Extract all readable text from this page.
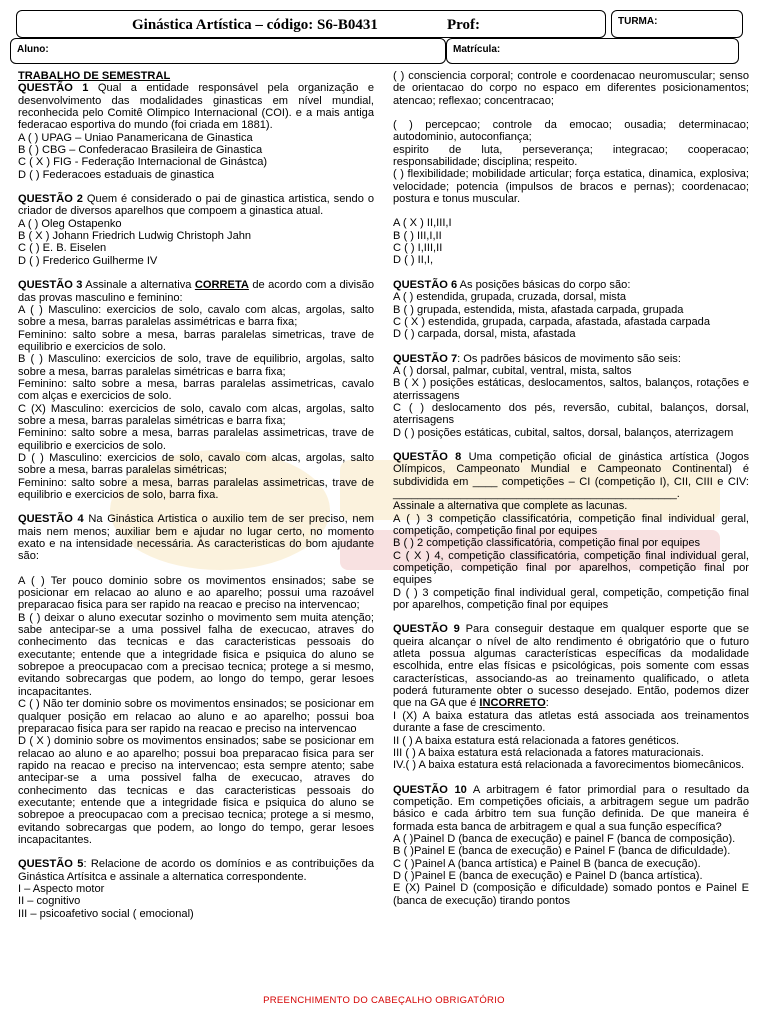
Ginástica Artística – código: S6-B0431	Prof:	TURMA:
Aluno:	Matrícula:

TRABALHO DE SEMESTRAL

QUESTÃO 1 Qual a entidade responsável pela organização e desenvolvimento das modalidades ginasticas em nível mundial, reconhecida pelo Comitê Olimpico Internacional (COI). e a mais antiga federacao esportiva do mundo (foi criada em 1881).

A ( ) UPAG – Uniao Panamericana de Ginastica

B ( ) CBG – Confederacao Brasileira de Ginastica

C ( X ) FIG - Federação Internacional de Ginástca)

D ( ) Federacoes estaduais de ginastica

QUESTÃO 2 Quem é considerado o pai de ginastica artistica, sendo o criador de diversos aparelhos que compoem a ginastica atual.

A ( ) Oleg Ostapenko

B ( X ) Johann Friedrich Ludwig Christoph Jahn

C ( ) E. B. Eiselen

D ( ) Frederico Guilherme IV

QUESTÃO 3 Assinale a alternativa CORRETA de acordo com a divisão das provas masculino e feminino:

A ( ) Masculino: exercicios de solo, cavalo com alcas, argolas, salto sobre a mesa, barras paralelas assimétricas e barra fixa;

Feminino: salto sobre a mesa, barras paralelas simetricas, trave de equilibrio e exercicios de solo.

B ( ) Masculino: exercicios de solo, trave de equilibrio, argolas, salto sobre a mesa, barras paralelas simétricas e barra fixa;

Feminino: salto sobre a mesa, barras paralelas assimetricas, cavalo com alças e exercicios de solo.

C (X) Masculino: exercicios de solo, cavalo com alcas, argolas, salto sobre a mesa, barras paralelas simétricas e barra fixa;

Feminino: salto sobre a mesa, barras paralelas assimetricas, trave de equilibrio e exercicios de solo.

D ( ) Masculino: exercicios de solo, cavalo com alcas, argolas, salto sobre a mesa, barras paralelas simétricas;

Feminino: salto sobre a mesa, barras paralelas assimetricas, trave de equilibrio e exercicios de solo, barra fixa.

QUESTÃO 4 Na Ginástica Artistica o auxilio tem de ser preciso, nem mais nem menos; auxiliar bem e ajudar no lugar certo, no momento exato e na intensidade necessária. As caracteristicas do bom ajudante são:

A ( ) Ter pouco dominio sobre os movimentos ensinados; sabe se posicionar em relacao ao aluno e ao aparelho; possui uma razoável preparacao fisica para ser rapido na reacao e preciso na intervencao;

B ( ) deixar o aluno executar sozinho o movimento sem muita atenção; sabe antecipar-se a uma possivel falha de execucao, atraves do conhecimento das tecnicas e das caracteristicas pessoais do executante; entende que a integridade fisica e psiquica do aluno se sobrepoe a preocupacao com a precisao tecnica; protege a si mesmo, evitando sobrecargas que podem, ao longo do tempo, gerar lesoes incapacitantes.

C ( ) Não ter dominio sobre os movimentos ensinados; se posicionar em qualquer posição em relacao ao aluno e ao aparelho; possui boa preparacao fisica para ser rapido na reacao e preciso na intervencao

D ( X ) dominio sobre os movimentos ensinados; sabe se posicionar em relacao ao aluno e ao aparelho; possui boa preparacao fisica para ser rapido na reacao e preciso na intervencao; esta sempre atento; sabe antecipar-se a uma possivel falha de execucao, atraves do conhecimento das tecnicas e das caracteristicas pessoais do executante; entende que a integridade fisica e psiquica do aluno se sobrepoe a preocupacao com a precisao tecnica; protege a si mesmo, evitando sobrecargas que podem, ao longo do tempo, gerar lesoes incapacitantes.

QUESTÃO 5: Relacione de acordo os domínios e as contribuições da Ginástica Artísitca e assinale a alternatica correspondente.

I – Aspecto motor

II – cognitivo

III – psicoafetivo social ( emocional)

( ) consciencia corporal; controle e coordenacao neuromuscular; senso de orientacao do corpo no espaco em diferentes posicionamentos; atencao; reflexao; concentracao;

( ) percepcao; controle da emocao; ousadia; determinacao; autodominio, autoconfiança;

espirito de luta, perseverança; integracao; cooperacao; responsabilidade; disciplina; respeito.

( ) flexibilidade; mobilidade articular; força estatica, dinamica, explosiva; velocidade; potencia (impulsos de bracos e pernas); coordenacao; postura e tonus muscular.

A ( X ) II,III,I

B ( ) III,I,II

C ( ) I,III,II

D ( ) II,I,

QUESTÃO 6 As posições básicas do corpo são:

A ( ) estendida, grupada, cruzada, dorsal, mista

B ( ) grupada, estendida, mista, afastada carpada, grupada

C ( X ) estendida, grupada, carpada, afastada, afastada carpada

D ( ) carpada, dorsal, mista, afastada

QUESTÃO 7: Os padrões básicos de movimento são seis:

A ( ) dorsal, palmar, cubital, ventral, mista, saltos

B ( X ) posições estáticas, deslocamentos, saltos, balanços, rotações e aterrissagens

C ( ) deslocamento dos pés, reversão, cubital, balanços, dorsal, aterrisagens

D ( ) posições estáticas, cubital, saltos, dorsal, balanços, aterrizagem

QUESTÃO 8 Uma competição oficial de ginástica artística (Jogos Olímpicos, Campeonato Mundial e Campeonato Continental) é subdividida em ____ competições – CI (competição I), CII, CIII e CIV: ______________________________________________.

Assinale a alternativa que complete as lacunas.

A ( ) 3 competição classificatória, competição final individual geral, competição, competição final por equipes

B ( ) 2 competição classificatória, competição final por equipes

C ( X ) 4, competição classificatória, competição final individual geral, competição, competição final por aparelhos, competição final por equipes

D ( ) 3 competição final individual geral, competição, competição final por aparelhos, competição final por equipes

QUESTÃO 9 Para conseguir destaque em qualquer esporte que se queira alcançar o nível de alto rendimento é obrigatório que o futuro atleta possua algumas características específicas da modalidade escolhida, entre elas físicas e psicológicas, pois somente com essas características, associando-as ao treinamento qualificado, o atleta poderá futuramente obter o sucesso desejado. Então, podemos dizer que na GA que é INCORRETO:

I (X) A baixa estatura das atletas está associada aos treinamentos durante a fase de crescimento.

II ( ) A baixa estatura está relacionada a fatores genéticos.

III ( ) A baixa estatura está relacionada a fatores maturacionais.

IV.( ) A baixa estatura está relacionada a favorecimentos biomecânicos.

QUESTÃO 10 A arbitragem é fator primordial para o resultado da competição. Em competições oficiais, a arbitragem segue um padrão básico e cada árbitro tem sua função definida. De que maneira é formada esta banca de arbitragem e qual a sua função específica?

A ( )Painel D (banca de execução) e painel F (banca de composição).

B ( )Painel E (banca de execução) e Painel F (banca de dificuldade).

C ( )Painel A (banca artística) e Painel B (banca de execução).

D ( )Painel E (banca de execução) e Painel D (banca artística).

E (X) Painel D (composição e dificuldade) somado pontos e Painel E (banca de execução) tirando pontos

PREENCHIMENTO DO CABEÇALHO OBRIGATÓRIO
